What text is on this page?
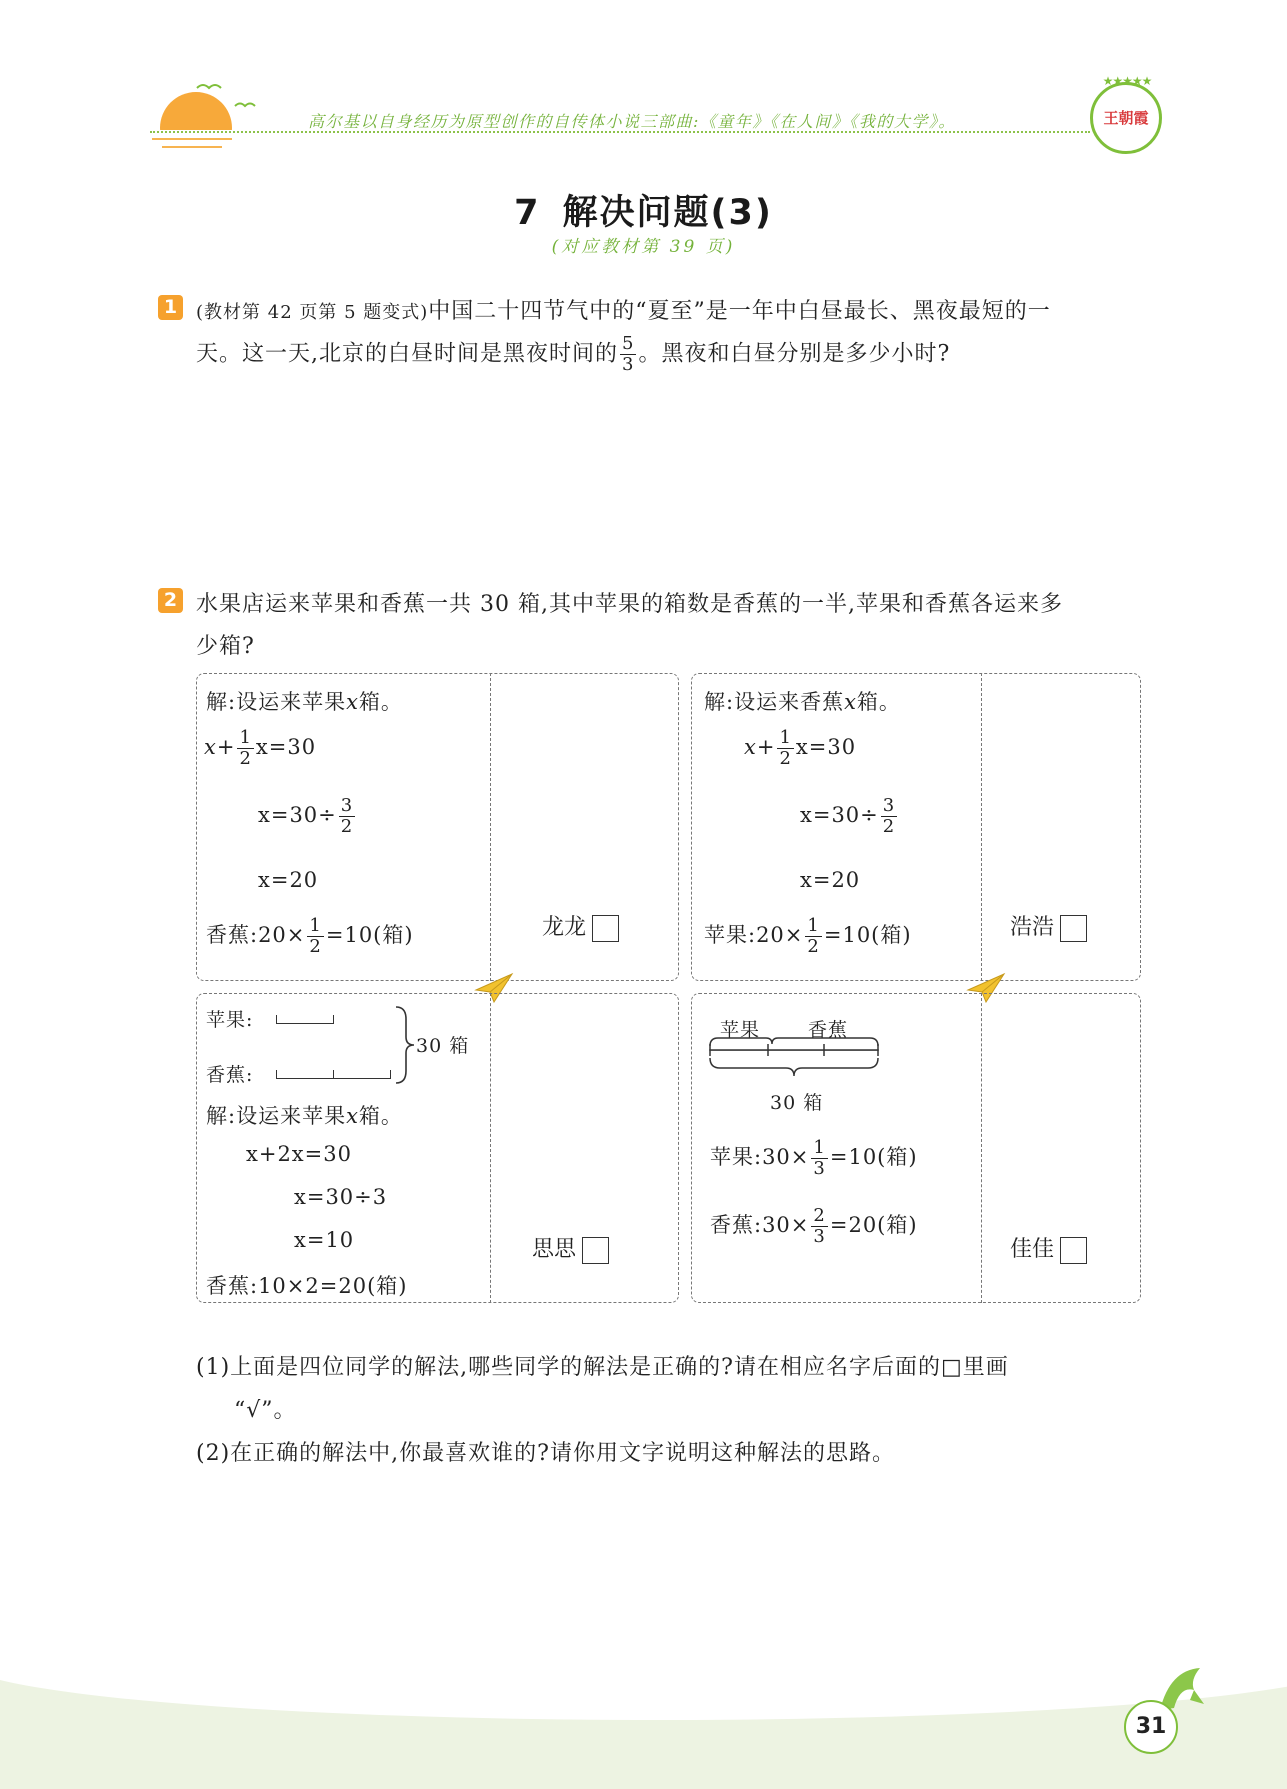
高尔基以自身经历为原型创作的自传体小说三部曲:《童年》《在人间》《我的大学》。
★★★★★
王朝霞
7 解决问题(3)
(对应教材第 39 页)
1	(教材第 42 页第 5 题变式)中国二十四节气中的“夏至”是一年中白昼最长、黑夜最短的一
天。这一天,北京的白昼时间是黑夜时间的 $\frac{5}{3}$ 。黑夜和白昼分别是多少小时?
2 水果店运来苹果和香蕉一共 30 箱,其中苹果的箱数是香蕉的一半,苹果和香蕉各运来多
少箱?
解:设运来苹果x箱。
$x+ \frac{1}{2} x=30$
$x=30\div \frac{3}{2}$
x=20
香蕉:20× $\frac{1}{2} =10$(箱)	龙龙
解:设运来香蕉x箱。
$x+ \frac{1}{2} x=30$
$x=30\div \frac{3}{2}$
x=20
苹果:20× $\frac{1}{2} =10$(箱)	浩浩
苹果:
香蕉:
30 箱
解:设运来苹果x箱。
x+2x=30
x=30÷3
x=10
香蕉:10×2=20(箱)
思思
苹果	香蕉
30 箱
苹果:30× $\frac{1}{3} =10$(箱)
香蕉:30× $\frac{2}{3} =20$(箱)
佳佳
(1)上面是四位同学的解法,哪些同学的解法是正确的?请在相应名字后面的□里画
“√”。
(2)在正确的解法中,你最喜欢谁的?请你用文字说明这种解法的思路。
31
